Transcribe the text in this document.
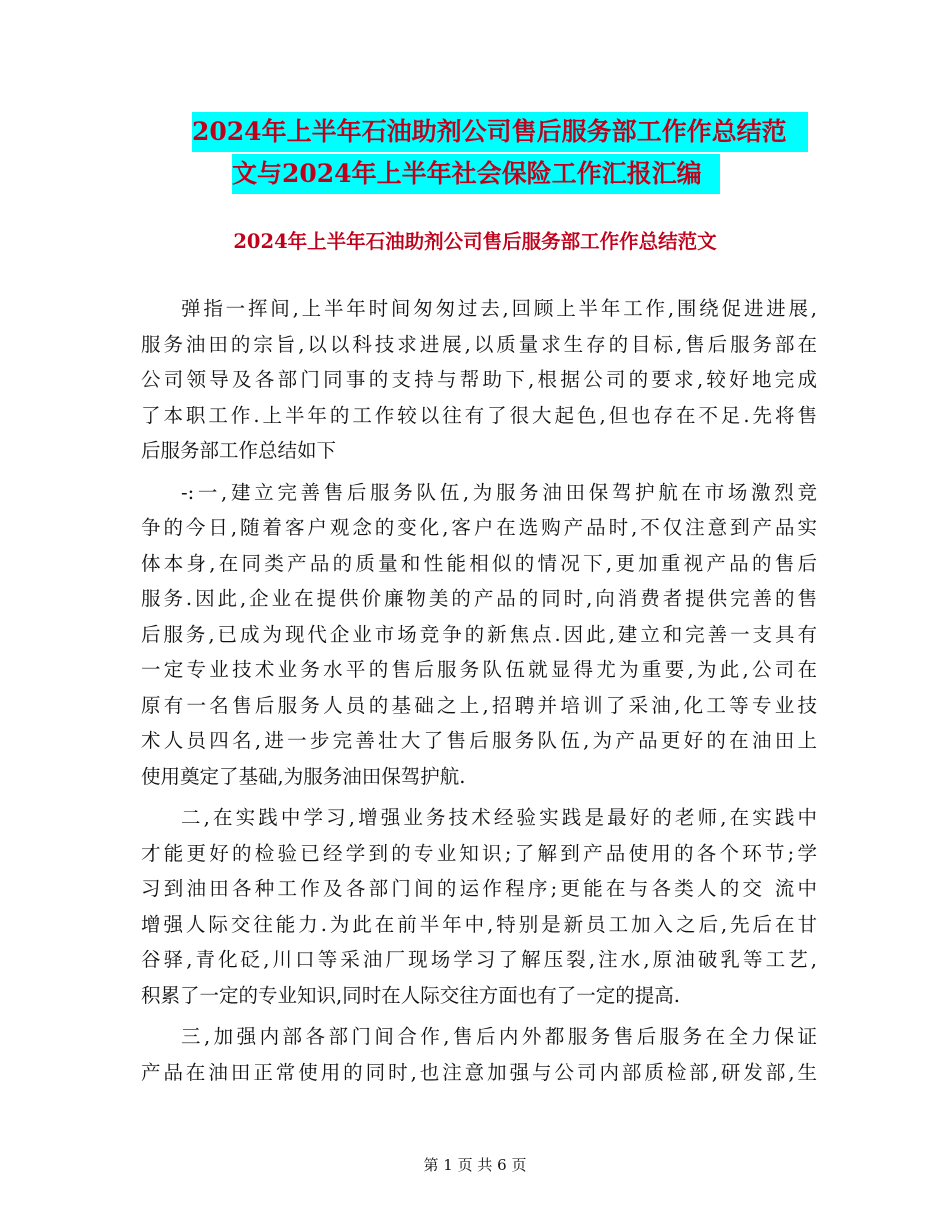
2024年上半年石油助剂公司售后服务部工作作总结范
文与2024年上半年社会保险工作汇报汇编
2024年上半年石油助剂公司售后服务部工作作总结范文
弹指一挥间,上半年时间匆匆过去,回顾上半年工作,围绕促进进展,
服务油田的宗旨,以以科技求进展,以质量求生存的目标,售后服务部在
公司领导及各部门同事的支持与帮助下,根据公司的要求,较好地完成
了本职工作.上半年的工作较以往有了很大起色,但也存在不足.先将售
后服务部工作总结如下
-:一,建立完善售后服务队伍,为服务油田保驾护航在市场激烈竞
争的今日,随着客户观念的变化,客户在选购产品时,不仅注意到产品实
体本身,在同类产品的质量和性能相似的情况下,更加重视产品的售后
服务.因此,企业在提供价廉物美的产品的同时,向消费者提供完善的售
后服务,已成为现代企业市场竞争的新焦点.因此,建立和完善一支具有
一定专业技术业务水平的售后服务队伍就显得尤为重要,为此,公司在
原有一名售后服务人员的基础之上,招聘并培训了采油,化工等专业技
术人员四名,进一步完善壮大了售后服务队伍,为产品更好的在油田上
使用奠定了基础,为服务油田保驾护航.
二,在实践中学习,增强业务技术经验实践是最好的老师,在实践中
才能更好的检验已经学到的专业知识;了解到产品使用的各个环节;学
习到油田各种工作及各部门间的运作程序;更能在与各类人的交 流中
增强人际交往能力.为此在前半年中,特别是新员工加入之后,先后在甘
谷驿,青化砭,川口等采油厂现场学习了解压裂,注水,原油破乳等工艺,
积累了一定的专业知识,同时在人际交往方面也有了一定的提高.
三,加强内部各部门间合作,售后内外都服务售后服务在全力保证
产品在油田正常使用的同时,也注意加强与公司内部质检部,研发部,生
第 1 页 共 6 页
